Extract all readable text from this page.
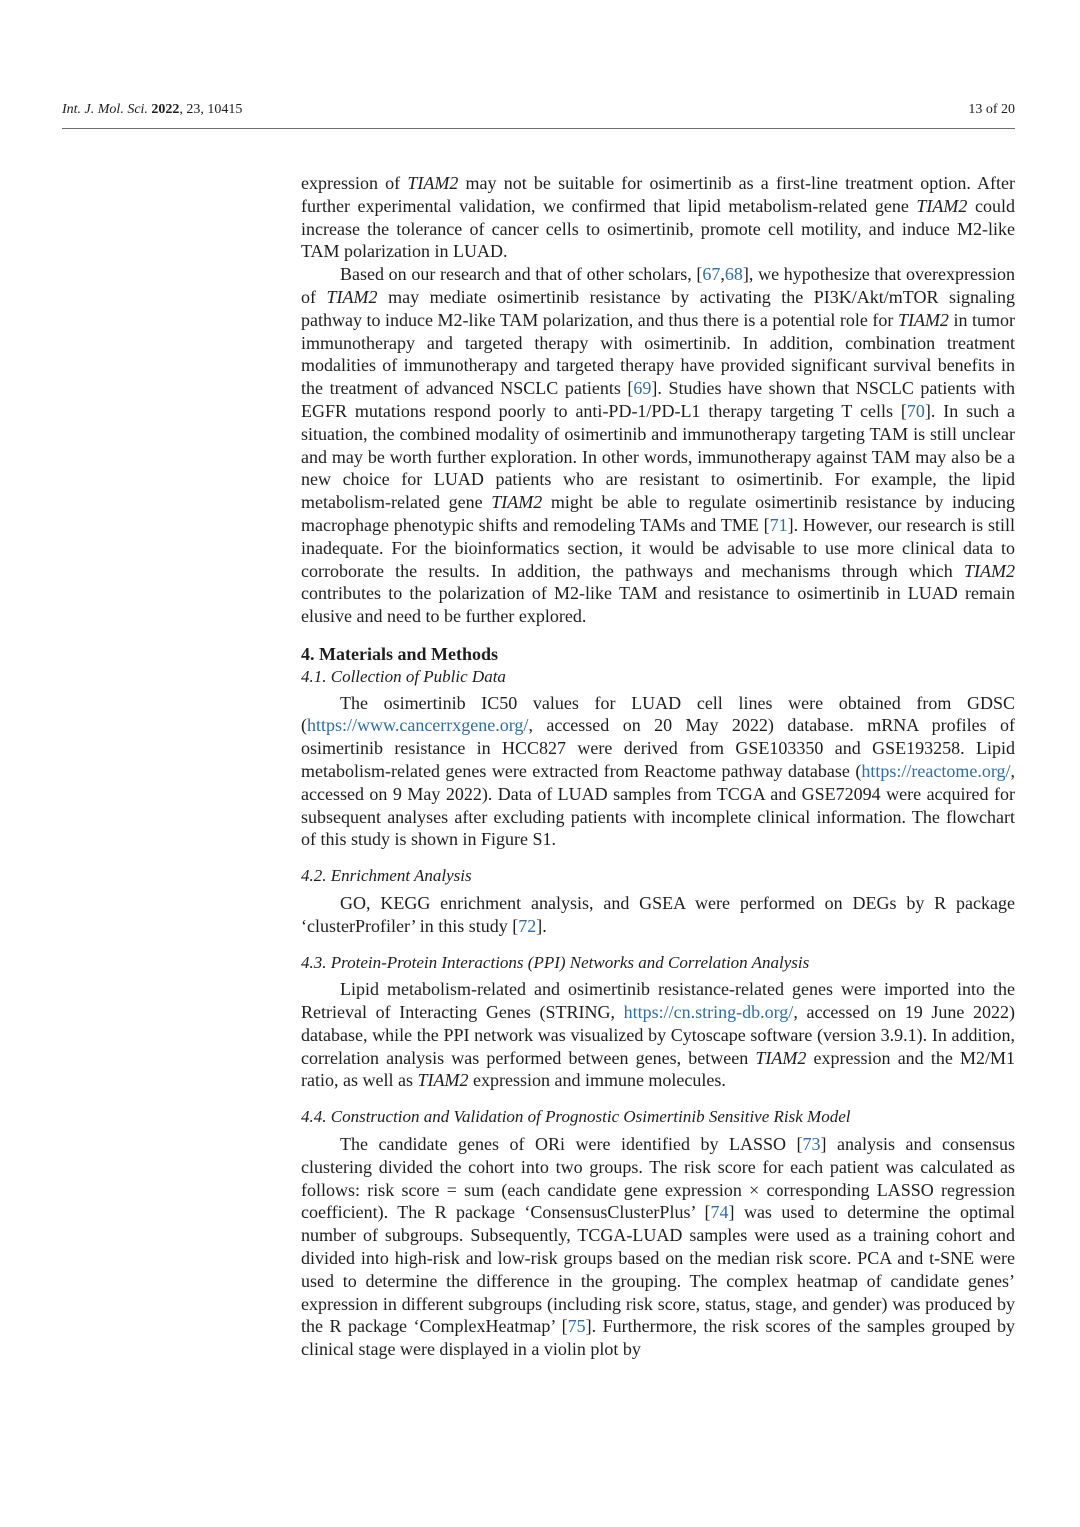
Int. J. Mol. Sci. 2022, 23, 10415	13 of 20

expression of TIAM2 may not be suitable for osimertinib as a first-line treatment option. After further experimental validation, we confirmed that lipid metabolism-related gene TIAM2 could increase the tolerance of cancer cells to osimertinib, promote cell motility, and induce M2-like TAM polarization in LUAD.

Based on our research and that of other scholars, [67,68], we hypothesize that overexpression of TIAM2 may mediate osimertinib resistance by activating the PI3K/Akt/mTOR signaling pathway to induce M2-like TAM polarization, and thus there is a potential role for TIAM2 in tumor immunotherapy and targeted therapy with osimertinib. In addition, combination treatment modalities of immunotherapy and targeted therapy have provided significant survival benefits in the treatment of advanced NSCLC patients [69]. Studies have shown that NSCLC patients with EGFR mutations respond poorly to anti-PD-1/PD-L1 therapy targeting T cells [70]. In such a situation, the combined modality of osimertinib and immunotherapy targeting TAM is still unclear and may be worth further exploration. In other words, immunotherapy against TAM may also be a new choice for LUAD patients who are resistant to osimertinib. For example, the lipid metabolism-related gene TIAM2 might be able to regulate osimertinib resistance by inducing macrophage phenotypic shifts and remodeling TAMs and TME [71]. However, our research is still inadequate. For the bioinformatics section, it would be advisable to use more clinical data to corroborate the results. In addition, the pathways and mechanisms through which TIAM2 contributes to the polarization of M2-like TAM and resistance to osimertinib in LUAD remain elusive and need to be further explored.

4. Materials and Methods
4.1. Collection of Public Data

The osimertinib IC50 values for LUAD cell lines were obtained from GDSC (https://www.cancerrxgene.org/, accessed on 20 May 2022) database. mRNA profiles of osimertinib resistance in HCC827 were derived from GSE103350 and GSE193258. Lipid metabolism-related genes were extracted from Reactome pathway database (https://reactome.org/, accessed on 9 May 2022). Data of LUAD samples from TCGA and GSE72094 were acquired for subsequent analyses after excluding patients with incomplete clinical information. The flowchart of this study is shown in Figure S1.

4.2. Enrichment Analysis

GO, KEGG enrichment analysis, and GSEA were performed on DEGs by R package ‘clusterProfiler’ in this study [72].

4.3. Protein-Protein Interactions (PPI) Networks and Correlation Analysis

Lipid metabolism-related and osimertinib resistance-related genes were imported into the Retrieval of Interacting Genes (STRING, https://cn.string-db.org/, accessed on 19 June 2022) database, while the PPI network was visualized by Cytoscape software (version 3.9.1). In addition, correlation analysis was performed between genes, between TIAM2 expression and the M2/M1 ratio, as well as TIAM2 expression and immune molecules.

4.4. Construction and Validation of Prognostic Osimertinib Sensitive Risk Model

The candidate genes of ORi were identified by LASSO [73] analysis and consensus clustering divided the cohort into two groups. The risk score for each patient was calculated as follows: risk score = sum (each candidate gene expression × corresponding LASSO regression coefficient). The R package ‘ConsensusClusterPlus’ [74] was used to determine the optimal number of subgroups. Subsequently, TCGA-LUAD samples were used as a training cohort and divided into high-risk and low-risk groups based on the median risk score. PCA and t-SNE were used to determine the difference in the grouping. The complex heatmap of candidate genes’ expression in different subgroups (including risk score, status, stage, and gender) was produced by the R package ‘ComplexHeatmap’ [75]. Furthermore, the risk scores of the samples grouped by clinical stage were displayed in a violin plot by
